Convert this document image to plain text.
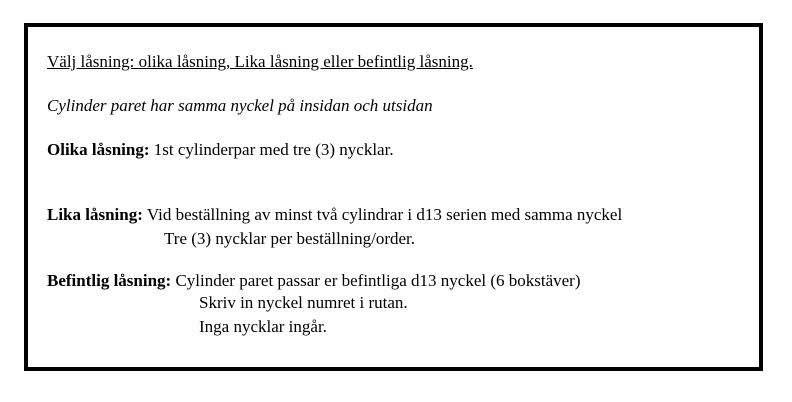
Välj låsning: olika låsning, Lika låsning eller befintlig låsning.
Cylinder paret har samma nyckel på insidan och utsidan
Olika låsning: 1st cylinderpar med tre (3) nycklar.
Lika låsning: Vid beställning av minst två cylindrar i d13 serien med samma nyckel
Tre (3) nycklar per beställning/order.
Befintlig låsning: Cylinder paret passar er befintliga d13 nyckel (6 bokstäver)
Skriv in nyckel numret i rutan.
Inga nycklar ingår.
